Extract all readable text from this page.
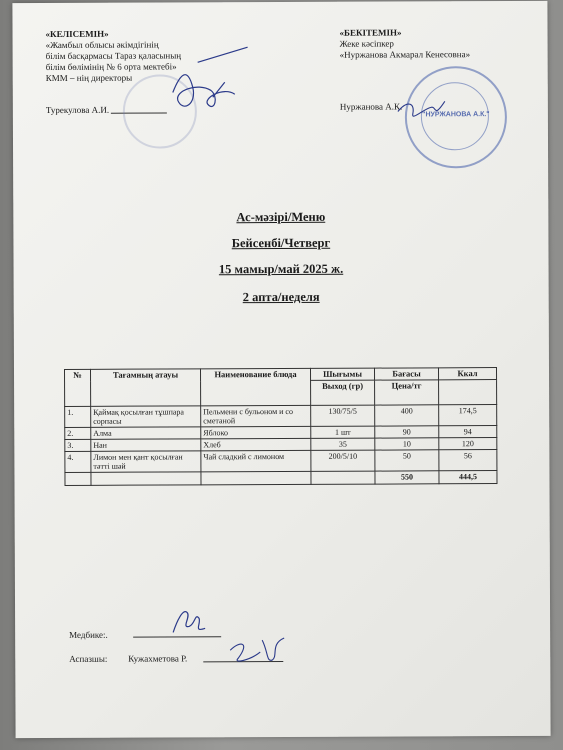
«КЕЛІСЕМІН»
«Жамбыл облысы әкімдігінің
білім басқармасы Тараз қаласының
білім бөлімінің № 6 орта мектебі»
КММ – нің директоры
Турекулова А.И.
«БЕКІТЕМІН»
Жеке кәсіпкер
«Нуржанова Акмарал Кенесовна»
Нуржанова А.К.
"НУРЖАНОВА А.К."
Ас-мәзірі/Меню
Бейсенбі/Четверг
15 мамыр/май 2025 ж.
2 апта/неделя
№	Тағамның атауы	Наименование блюда	Шығымы	Бағасы	Ккал
			Выход (гр)	Цена/тг	
1.	Қаймақ қосылған тұшпара сорпасы	Пельмени с бульоном и со сметаной	130/75/5	400	174,5
2.	Алма	Яблоко	1 шт	90	94
3.	Нан	Хлеб	35	10	120
4.	Лимон мен қант қосылған тәтті шәй	Чай сладкий с лимоном	200/5/10	50	56
				550	444,5
Медбике:.
Аспазшы: Кужахметова Р.
